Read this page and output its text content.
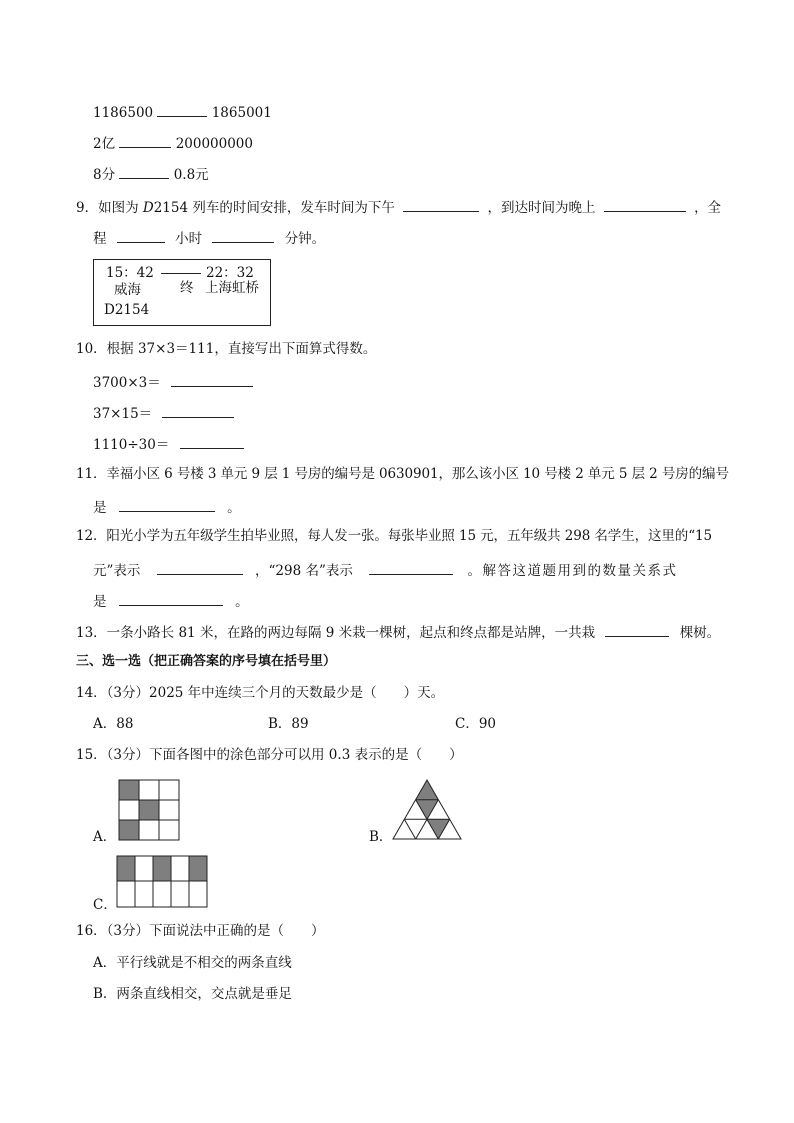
1186500	1865001
2亿	200000000
8分	0.8元
9．如图为 D2154 列车的时间安排，发车时间为下午	，到达时间为晚上	，全
程	小时	分钟。
15：42	22：32
威海	终 上海虹桥
D2154
10．根据 37×3＝111，直接写出下面算式得数。
3700×3＝
37×15＝
1110÷30＝
11．幸福小区 6 号楼 3 单元 9 层 1 号房的编号是 0630901，那么该小区 10 号楼 2 单元 5 层 2 号房的编号
是	。
12．阳光小学为五年级学生拍毕业照，每人发一张。每张毕业照 15 元，五年级共 298 名学生，这里的“15
元”表示	，“298 名”表示	。解答这道题用到的数量关系式
是	。
13．一条小路长 81 米，在路的两边每隔 9 米栽一棵树，起点和终点都是站牌，一共栽	棵树。
三、选一选（把正确答案的序号填在括号里）
14．（3分）2025 年中连续三个月的天数最少是（　　）天。
A．88	B．89	C．90
15．（3分）下面各图中的涂色部分可以用 0.3 表示的是（　　）
A．	B．
C．
16．（3分）下面说法中正确的是（　　）
A．平行线就是不相交的两条直线
B．两条直线相交，交点就是垂足
